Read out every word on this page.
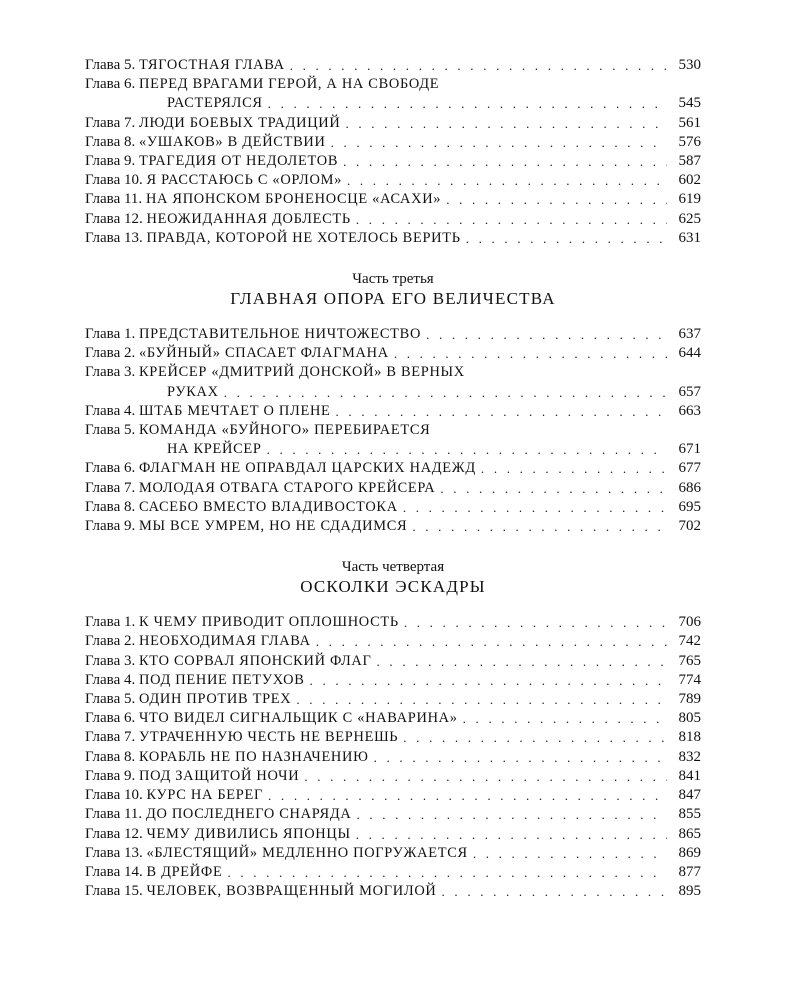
Глава 5.
ТЯГОСТНАЯ ГЛАВА . . .	530
Глава 6.
ПЕРЕД ВРАГАМИ ГЕРОЙ, А НА СВОБОДЕ
РАСТЕРЯЛСЯ . . .	545
Глава 7.
ЛЮДИ БОЕВЫХ ТРАДИЦИЙ . . .	561
Глава 8.
«УШАКОВ» В ДЕЙСТВИИ . . .	576
Глава 9.
ТРАГЕДИЯ ОТ НЕДОЛЕТОВ . . .	587
Глава 10.
Я РАССТАЮСЬ С «ОРЛОМ» . . .	602
Глава 11.
НА ЯПОНСКОМ БРОНЕНОСЦЕ «АСАХИ» . . .	619
Глава 12.
НЕОЖИДАННАЯ ДОБЛЕСТЬ . . .	625
Глава 13.
ПРАВДА, КОТОРОЙ НЕ ХОТЕЛОСЬ ВЕРИТЬ . . .	631
Часть третья
ГЛАВНАЯ ОПОРА ЕГО ВЕЛИЧЕСТВА
Глава 1.
ПРЕДСТАВИТЕЛЬНОЕ НИЧТОЖЕСТВО . . .	637
Глава 2.
«БУЙНЫЙ» СПАСАЕТ ФЛАГМАНА . . .	644
Глава 3.
КРЕЙСЕР «ДМИТРИЙ ДОНСКОЙ» В ВЕРНЫХ
РУКАХ . . .	657
Глава 4.
ШТАБ МЕЧТАЕТ О ПЛЕНЕ . . .	663
Глава 5.
КОМАНДА «БУЙНОГО» ПЕРЕБИРАЕТСЯ
НА КРЕЙСЕР . . .	671
Глава 6.
ФЛАГМАН НЕ ОПРАВДАЛ ЦАРСКИХ НАДЕЖД . . .	677
Глава 7.
МОЛОДАЯ ОТВАГА СТАРОГО КРЕЙСЕРА . . .	686
Глава 8.
САСЕБО ВМЕСТО ВЛАДИВОСТОКА . . .	695
Глава 9.
МЫ ВСЕ УМРЕМ, НО НЕ СДАДИМСЯ . . .	702
Часть четвертая
ОСКОЛКИ ЭСКАДРЫ
Глава 1.
К ЧЕМУ ПРИВОДИТ ОПЛОШНОСТЬ . . .	706
Глава 2.
НЕОБХОДИМАЯ ГЛАВА . . .	742
Глава 3.
КТО СОРВАЛ ЯПОНСКИЙ ФЛАГ . . .	765
Глава 4.
ПОД ПЕНИЕ ПЕТУХОВ . . .	774
Глава 5.
ОДИН ПРОТИВ ТРЕХ . . .	789
Глава 6.
ЧТО ВИДЕЛ СИГНАЛЬЩИК С «НАВАРИНА» . . .	805
Глава 7.
УТРАЧЕННУЮ ЧЕСТЬ НЕ ВЕРНЕШЬ . . .	818
Глава 8.
КОРАБЛЬ НЕ ПО НАЗНАЧЕНИЮ . . .	832
Глава 9.
ПОД ЗАЩИТОЙ НОЧИ . . .	841
Глава 10.
КУРС НА БЕРЕГ . . .	847
Глава 11.
ДО ПОСЛЕДНЕГО СНАРЯДА . . .	855
Глава 12.
ЧЕМУ ДИВИЛИСЬ ЯПОНЦЫ . . .	865
Глава 13.
«БЛЕСТЯЩИЙ» МЕДЛЕННО ПОГРУЖАЕТСЯ . . .	869
Глава 14.
В ДРЕЙФЕ . . .	877
Глава 15.
ЧЕЛОВЕК, ВОЗВРАЩЕННЫЙ МОГИЛОЙ . . .	895
